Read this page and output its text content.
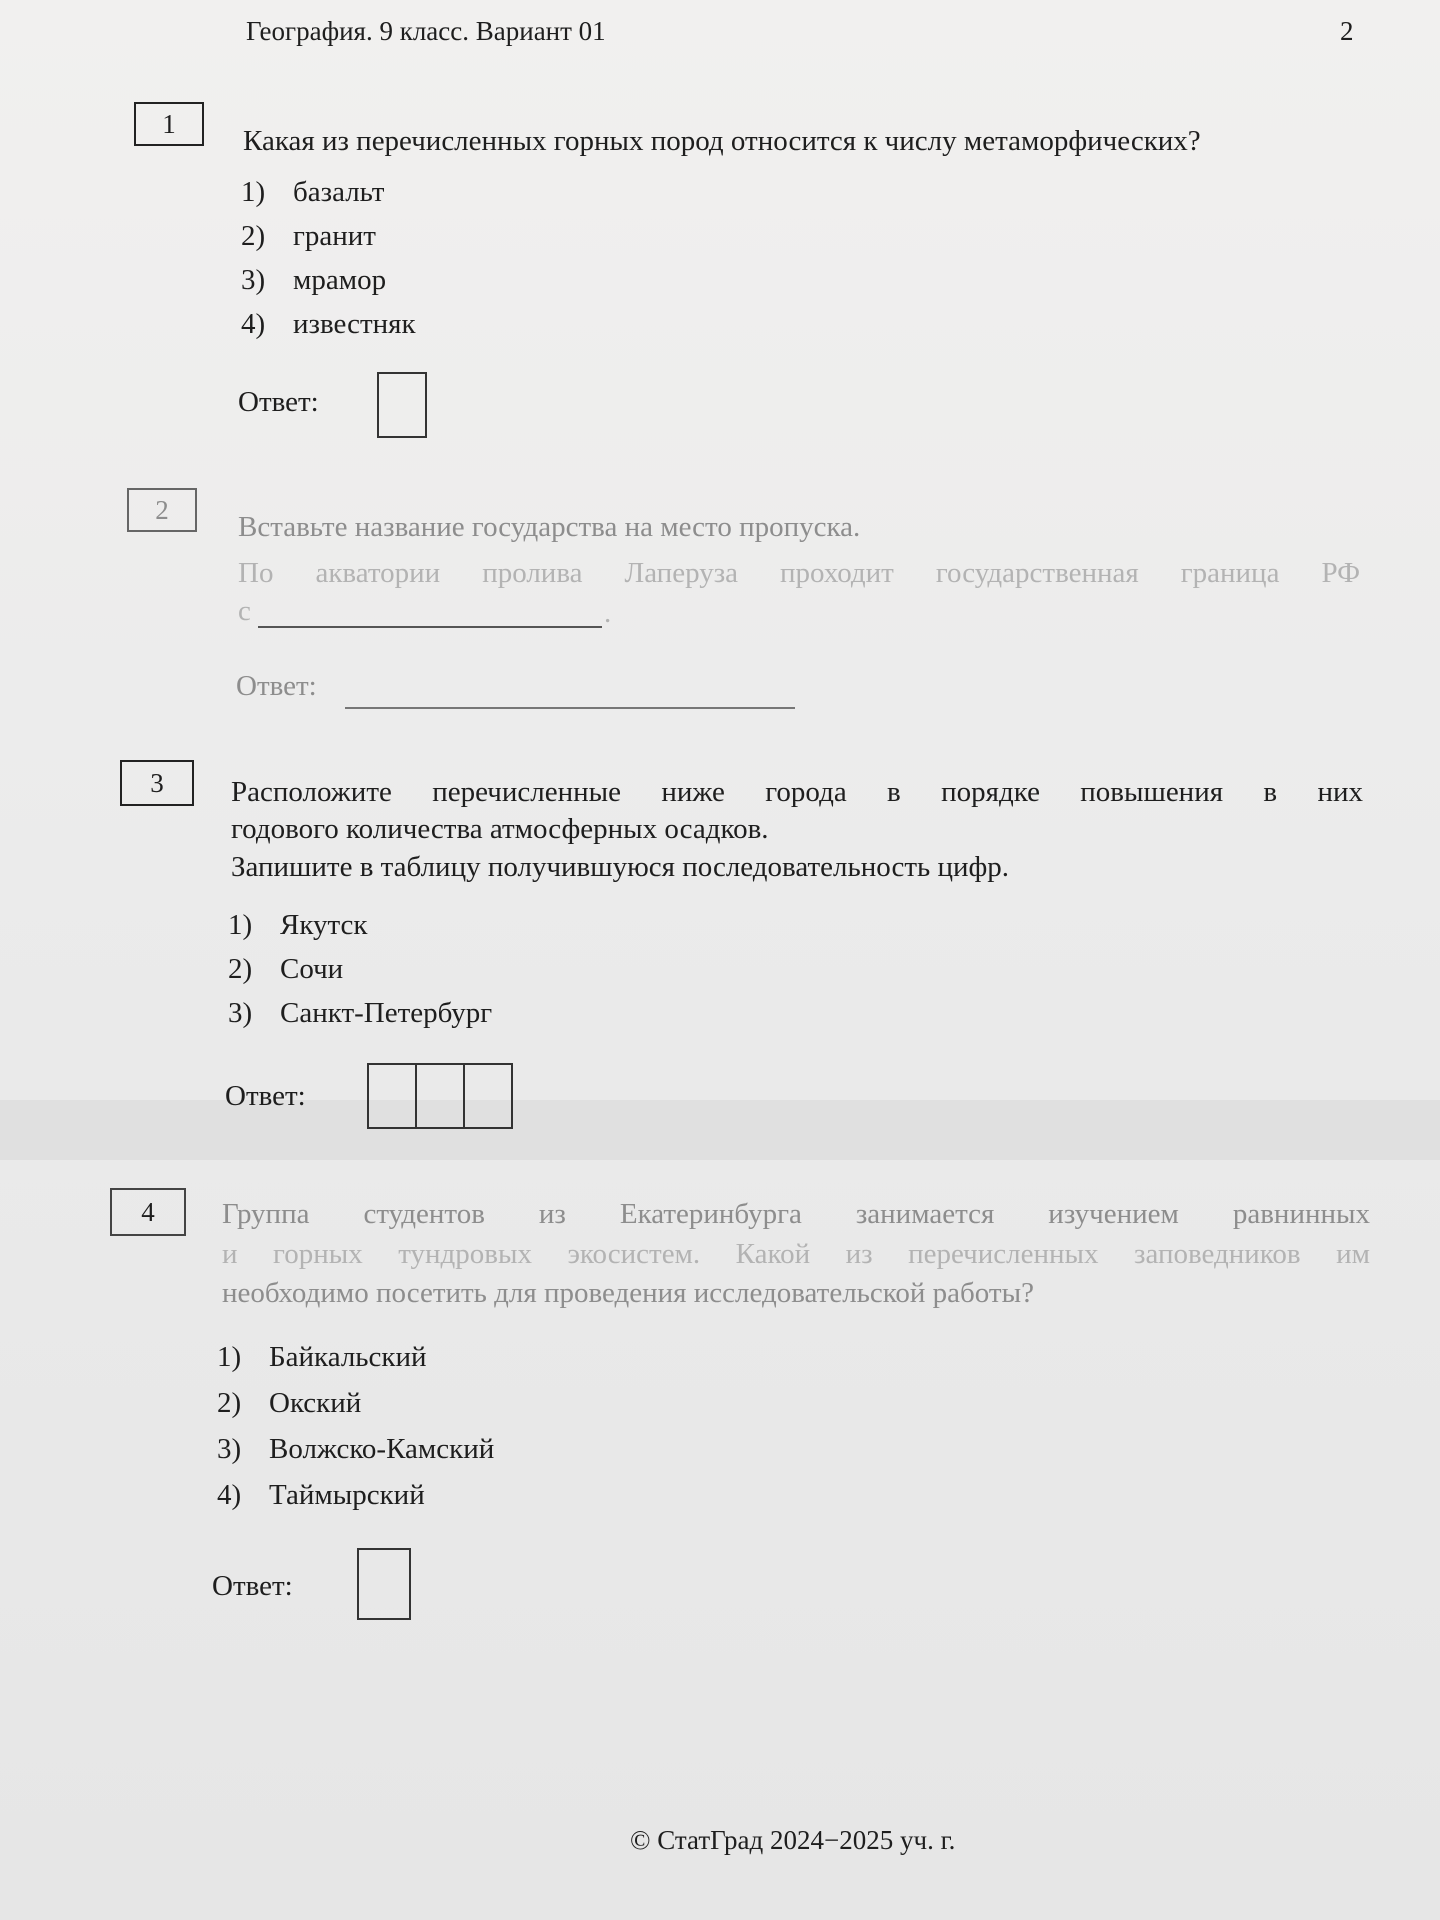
География. 9 класс. Вариант 01	2
1
Какая из перечисленных горных пород относится к числу метаморфических?
1) базальт
2) гранит
3) мрамор
4) известняк
Ответ:
2
Вставьте название государства на место пропуска.
По акватории пролива Лаперуза проходит государственная граница РФ
с	.
Ответ:
3 Расположите перечисленные ниже города в порядке повышения в них
годового количества атмосферных осадков.
Запишите в таблицу получившуюся последовательность цифр.
1) Якутск
2) Сочи
3) Санкт-Петербург
Ответ:
4 Группа студентов из Екатеринбурга занимается изучением равнинных
и горных тундровых экосистем. Какой из перечисленных заповедников им
необходимо посетить для проведения исследовательской работы?
1) Байкальский
2) Окский
3) Волжско-Камский
4) Таймырский
Ответ:
© СтатГрад 2024−2025 уч. г.
